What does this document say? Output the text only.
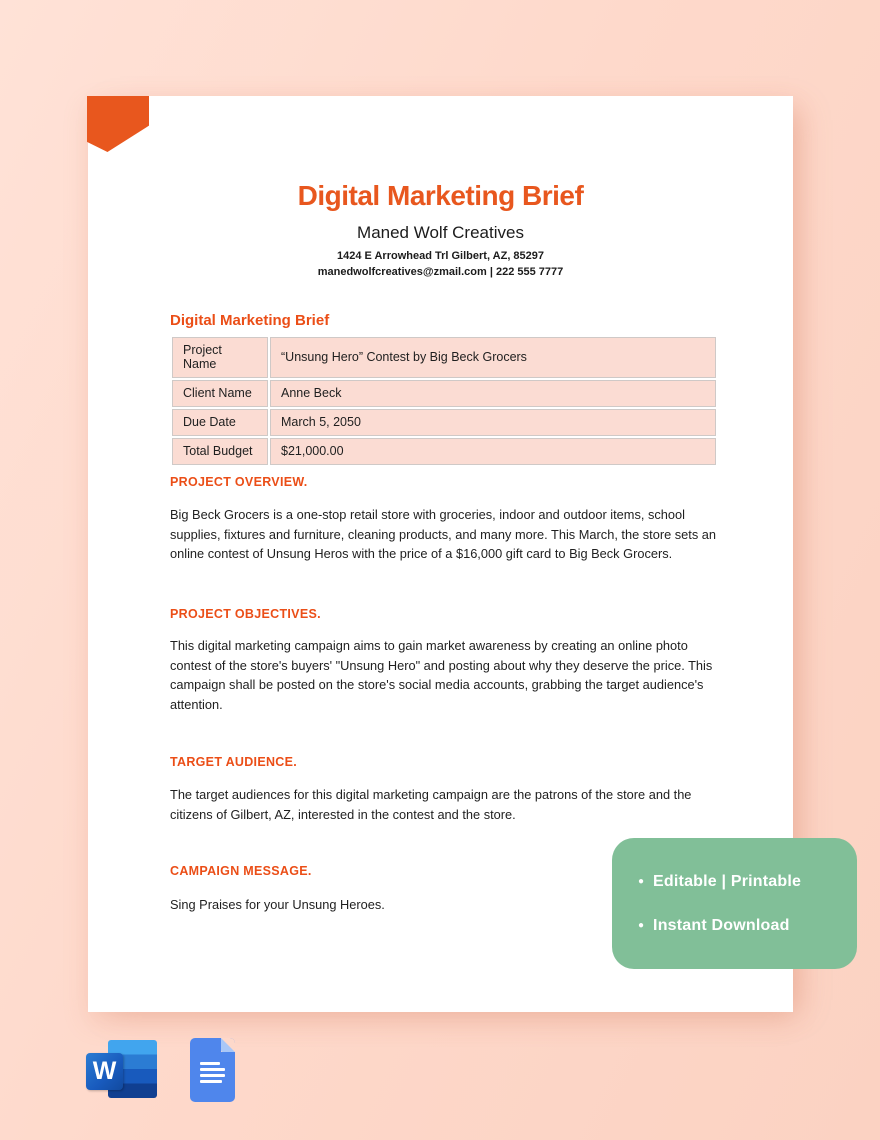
Digital Marketing Brief
Maned Wolf Creatives
1424 E Arrowhead Trl Gilbert, AZ, 85297
manedwolfcreatives@zmail.com | 222 555 7777
Digital Marketing Brief
Project Name	“Unsung Hero” Contest by Big Beck Grocers
Client Name	Anne Beck
Due Date	March 5, 2050
Total Budget	$21,000.00
PROJECT OVERVIEW.
Big Beck Grocers is a one-stop retail store with groceries, indoor and outdoor items, school supplies, fixtures and furniture, cleaning products, and many more. This March, the store sets an online contest of Unsung Heros with the price of a $16,000 gift card to Big Beck Grocers.
PROJECT OBJECTIVES.
This digital marketing campaign aims to gain market awareness by creating an online photo contest of the store's buyers' "Unsung Hero" and posting about why they deserve the price. This campaign shall be posted on the store's social media accounts, grabbing the target audience's attention.
TARGET AUDIENCE.
The target audiences for this digital marketing campaign are the patrons of the store and the citizens of Gilbert, AZ, interested in the contest and the store.
CAMPAIGN MESSAGE.
Sing Praises for your Unsung Heroes.
● Editable | Printable
● Instant Download
W
